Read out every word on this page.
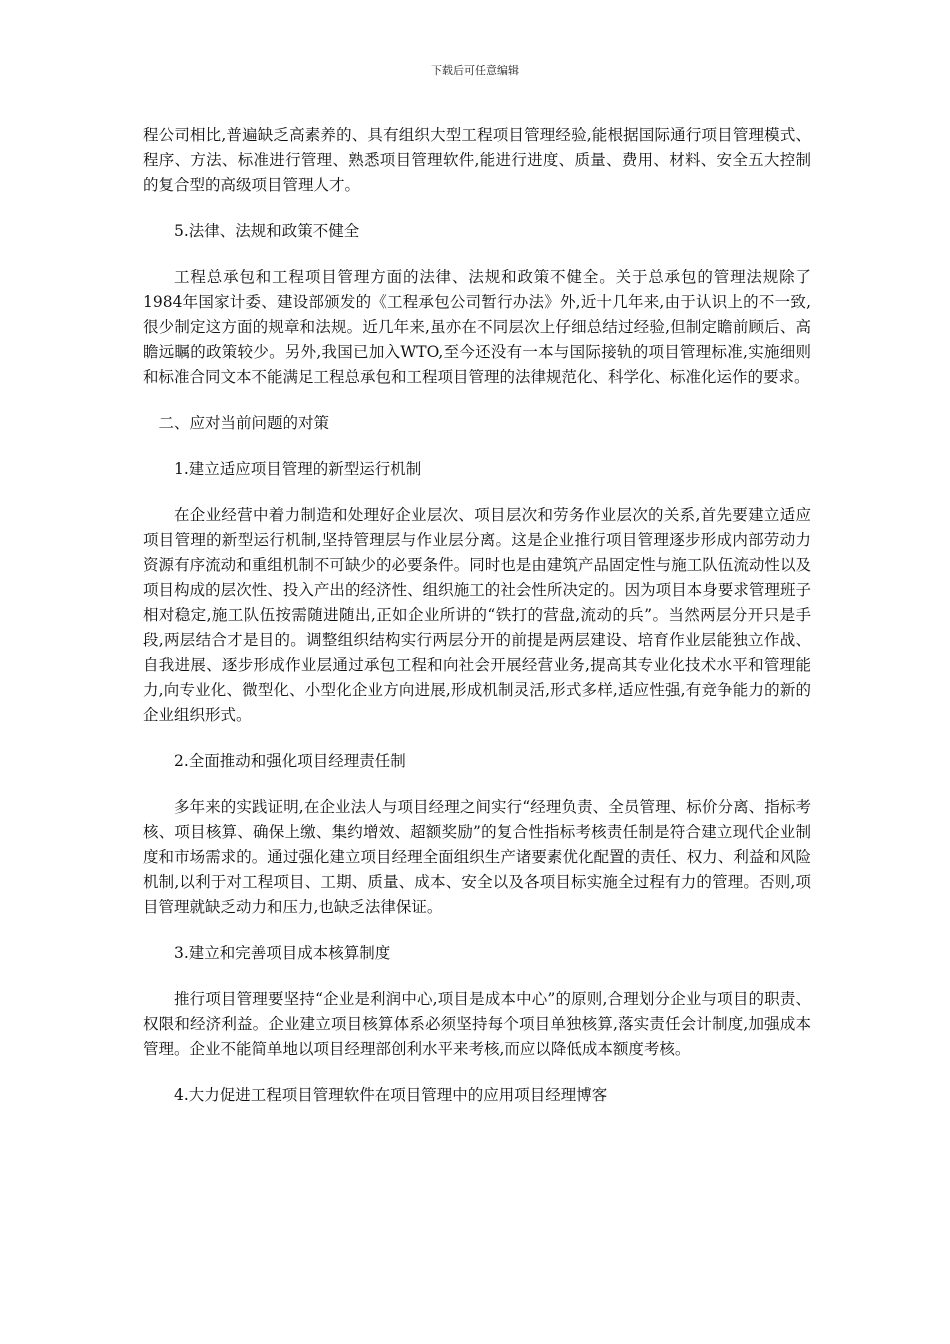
下载后可任意编辑

程公司相比,普遍缺乏高素养的、具有组织大型工程项目管理经验,能根据国际通行项目管理模式、程序、方法、标准进行管理、熟悉项目管理软件,能进行进度、质量、费用、材料、安全五大控制的复合型的高级项目管理人才。

5.法律、法规和政策不健全

工程总承包和工程项目管理方面的法律、法规和政策不健全。关于总承包的管理法规除了1984年国家计委、建设部颁发的《工程承包公司暂行办法》外,近十几年来,由于认识上的不一致,很少制定这方面的规章和法规。近几年来,虽亦在不同层次上仔细总结过经验,但制定瞻前顾后、高瞻远瞩的政策较少。另外,我国已加入WTO,至今还没有一本与国际接轨的项目管理标准,实施细则和标准合同文本不能满足工程总承包和工程项目管理的法律规范化、科学化、标准化运作的要求。

二、应对当前问题的对策

1.建立适应项目管理的新型运行机制

在企业经营中着力制造和处理好企业层次、项目层次和劳务作业层次的关系,首先要建立适应项目管理的新型运行机制,坚持管理层与作业层分离。这是企业推行项目管理逐步形成内部劳动力资源有序流动和重组机制不可缺少的必要条件。同时也是由建筑产品固定性与施工队伍流动性以及项目构成的层次性、投入产出的经济性、组织施工的社会性所决定的。因为项目本身要求管理班子相对稳定,施工队伍按需随进随出,正如企业所讲的“铁打的营盘,流动的兵”。当然两层分开只是手段,两层结合才是目的。调整组织结构实行两层分开的前提是两层建设、培育作业层能独立作战、自我进展、逐步形成作业层通过承包工程和向社会开展经营业务,提高其专业化技术水平和管理能力,向专业化、微型化、小型化企业方向进展,形成机制灵活,形式多样,适应性强,有竞争能力的新的企业组织形式。

2.全面推动和强化项目经理责任制

多年来的实践证明,在企业法人与项目经理之间实行“经理负责、全员管理、标价分离、指标考核、项目核算、确保上缴、集约增效、超额奖励”的复合性指标考核责任制是符合建立现代企业制度和市场需求的。通过强化建立项目经理全面组织生产诸要素优化配置的责任、权力、利益和风险机制,以利于对工程项目、工期、质量、成本、安全以及各项目标实施全过程有力的管理。否则,项目管理就缺乏动力和压力,也缺乏法律保证。

3.建立和完善项目成本核算制度

推行项目管理要坚持“企业是利润中心,项目是成本中心”的原则,合理划分企业与项目的职责、权限和经济利益。企业建立项目核算体系必须坚持每个项目单独核算,落实责任会计制度,加强成本管理。企业不能简单地以项目经理部创利水平来考核,而应以降低成本额度考核。

4.大力促进工程项目管理软件在项目管理中的应用项目经理博客
